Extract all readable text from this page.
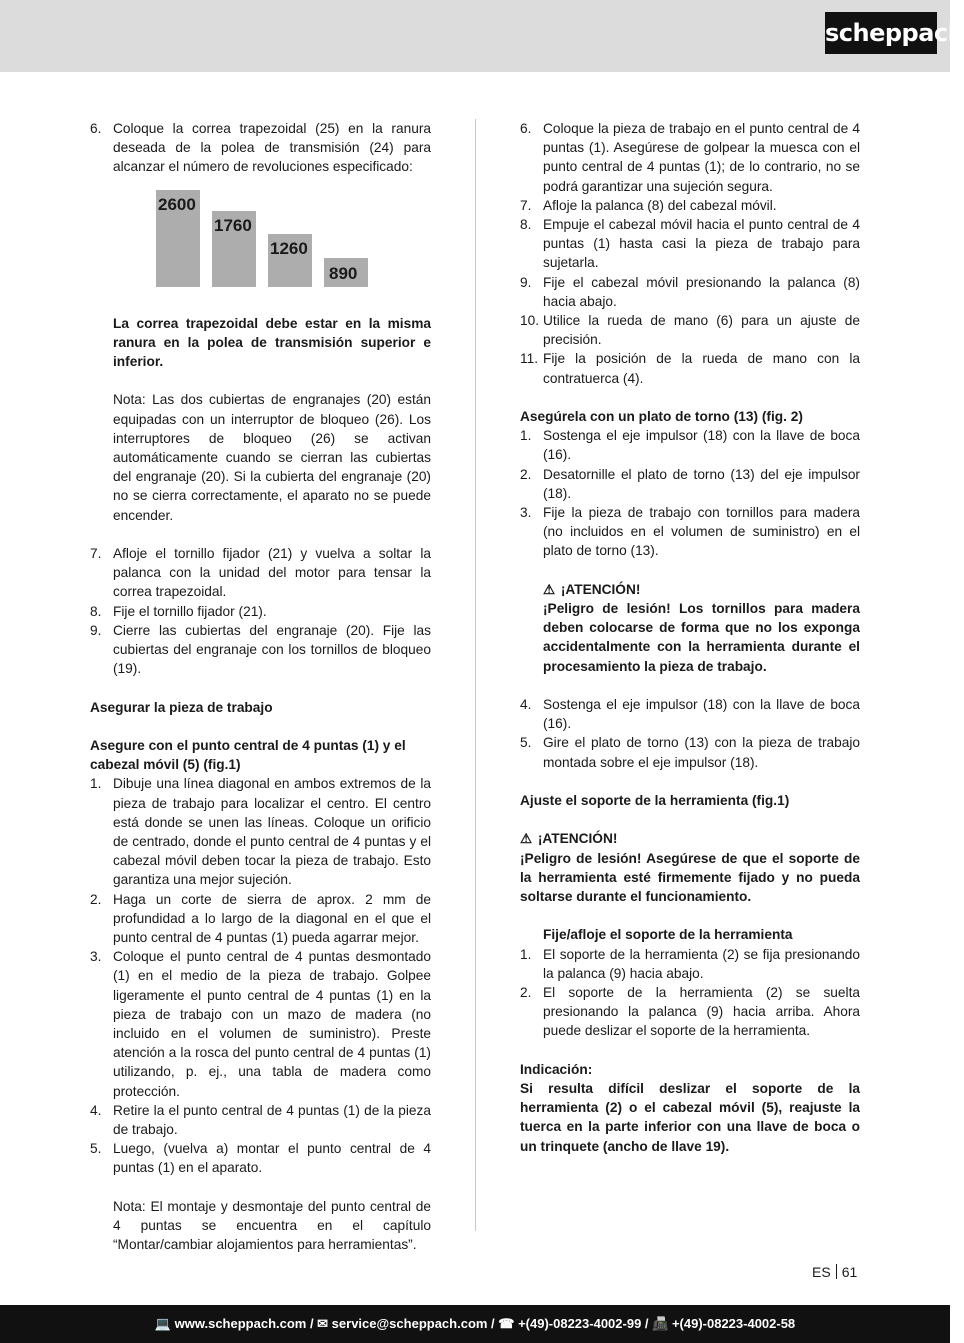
scheppach
6. Coloque la correa trapezoidal (25) en la ranura deseada de la polea de transmisión (24) para alcanzar el número de revoluciones especificado:
2600
1760
1260
890
La correa trapezoidal debe estar en la misma ranura en la polea de transmisión superior e inferior.
Nota: Las dos cubiertas de engranajes (20) están equipadas con un interruptor de bloqueo (26). Los interruptores de bloqueo (26) se activan automáticamente cuando se cierran las cubiertas del engranaje (20). Si la cubierta del engranaje (20) no se cierra correctamente, el aparato no se puede encender.
7. Afloje el tornillo fijador (21) y vuelva a soltar la palanca con la unidad del motor para tensar la correa trapezoidal.
8. Fije el tornillo fijador (21).
9. Cierre las cubiertas del engranaje (20). Fije las cubiertas del engranaje con los tornillos de bloqueo (19).
Asegurar la pieza de trabajo
Asegure con el punto central de 4 puntas (1) y el cabezal móvil (5) (fig.1)
1. Dibuje una línea diagonal en ambos extremos de la pieza de trabajo para localizar el centro. El centro está donde se unen las líneas. Coloque un orificio de centrado, donde el punto central de 4 puntas y el cabezal móvil deben tocar la pieza de trabajo. Esto garantiza una mejor sujeción.
2. Haga un corte de sierra de aprox. 2 mm de profundidad a lo largo de la diagonal en el que el punto central de 4 puntas (1) pueda agarrar mejor.
3. Coloque el punto central de 4 puntas desmontado (1) en el medio de la pieza de trabajo. Golpee ligeramente el punto central de 4 puntas (1) en la pieza de trabajo con un mazo de madera (no incluido en el volumen de suministro). Preste atención a la rosca del punto central de 4 puntas (1) utilizando, p. ej., una tabla de madera como protección.
4. Retire la el punto central de 4 puntas (1) de la pieza de trabajo.
5. Luego, (vuelva a) montar el punto central de 4 puntas (1) en el aparato.
Nota: El montaje y desmontaje del punto central de 4 puntas se encuentra en el capítulo “Montar/cambiar alojamientos para herramientas”.
6. Coloque la pieza de trabajo en el punto central de 4 puntas (1). Asegúrese de golpear la muesca con el punto central de 4 puntas (1); de lo contrario, no se podrá garantizar una sujeción segura.
7. Afloje la palanca (8) del cabezal móvil.
8. Empuje el cabezal móvil hacia el punto central de 4 puntas (1) hasta casi la pieza de trabajo para sujetarla.
9. Fije el cabezal móvil presionando la palanca (8) hacia abajo.
10. Utilice la rueda de mano (6) para un ajuste de precisión.
11. Fije la posición de la rueda de mano con la contratuerca (4).
Asegúrela con un plato de torno (13) (fig. 2)
1. Sostenga el eje impulsor (18) con la llave de boca (16).
2. Desatornille el plato de torno (13) del eje impulsor (18).
3. Fije la pieza de trabajo con tornillos para madera (no incluidos en el volumen de suministro) en el plato de torno (13).
⚠ ¡ATENCIÓN!
¡Peligro de lesión! Los tornillos para madera deben colocarse de forma que no los exponga accidentalmente con la herramienta durante el procesamiento la pieza de trabajo.
4. Sostenga el eje impulsor (18) con la llave de boca (16).
5. Gire el plato de torno (13) con la pieza de trabajo montada sobre el eje impulsor (18).
Ajuste el soporte de la herramienta (fig.1)
⚠ ¡ATENCIÓN!
¡Peligro de lesión! Asegúrese de que el soporte de la herramienta esté firmemente fijado y no pueda soltarse durante el funcionamiento.
Fije/afloje el soporte de la herramienta
1. El soporte de la herramienta (2) se fija presionando la palanca (9) hacia abajo.
2. El soporte de la herramienta (2) se suelta presionando la palanca (9) hacia arriba. Ahora puede deslizar el soporte de la herramienta.
Indicación:
Si resulta difícil deslizar el soporte de la herramienta (2) o el cabezal móvil (5), reajuste la tuerca en la parte inferior con una llave de boca o un trinquete (ancho de llave 19).
ES 61
💻 www.scheppach.com / ✉ service@scheppach.com / ☎ +(49)-08223-4002-99 / 📠 +(49)-08223-4002-58
